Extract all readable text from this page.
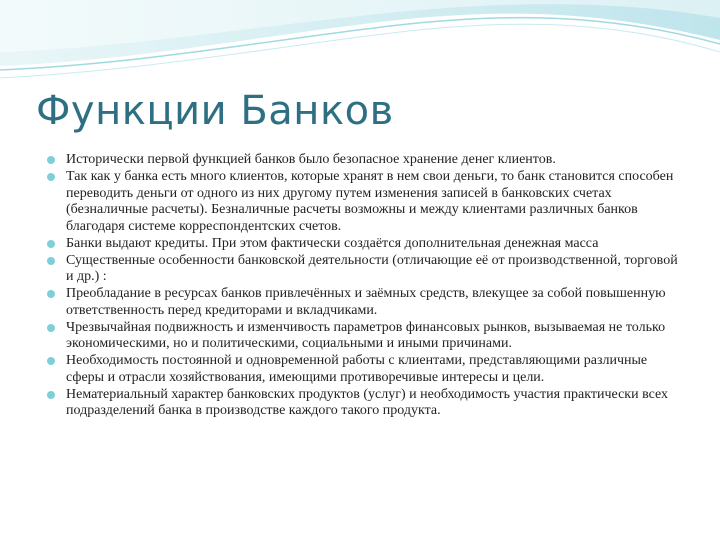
Функции Банков
Исторически первой функцией банков было безопасное хранение денег клиентов.
Так как у банка есть много клиентов, которые хранят в нем свои деньги, то банк становится способен переводить деньги от одного из них другому путем изменения записей в банковских счетах (безналичные расчеты). Безналичные расчеты возможны и между клиентами различных банков благодаря системе корреспондентских счетов.
Банки выдают кредиты. При этом фактически создаётся дополнительная денежная масса
Существенные особенности банковской деятельности (отличающие её от производственной, торговой и др.) :
Преобладание в ресурсах банков привлечённых и заёмных средств, влекущее за собой повышенную ответственность перед кредиторами и вкладчиками.
Чрезвычайная подвижность и изменчивость параметров финансовых рынков, вызываемая не только экономическими, но и политическими, социальными и иными причинами.
Необходимость постоянной и одновременной работы с клиентами, представляющими различные сферы и отрасли хозяйствования, имеющими противоречивые интересы и цели.
Нематериальный характер банковских продуктов (услуг) и необходимость участия практически всех подразделений банка в производстве каждого такого продукта.
